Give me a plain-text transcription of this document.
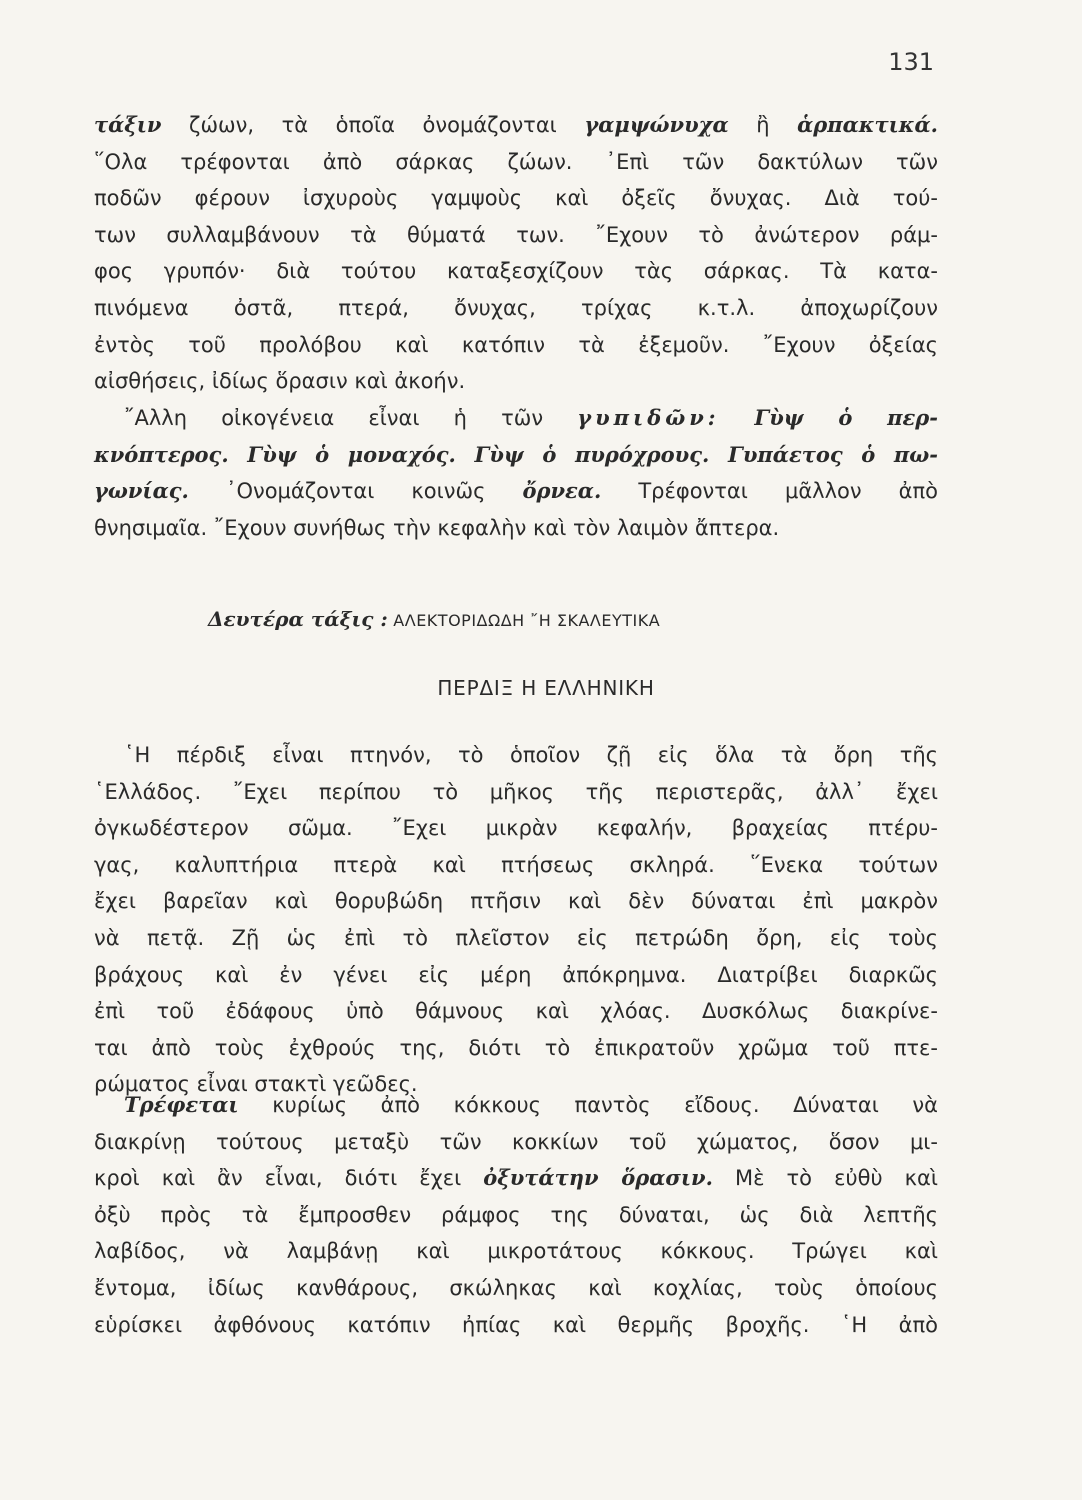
131
τάξιν ζώων, τὰ ὁποῖα ὀνομάζονται γαμψώνυχα ἢ ἁρπακτικά.
῞Ολα τρέφονται ἀπὸ σάρκας ζώων. ᾿Επὶ τῶν δακτύλων τῶν
ποδῶν φέρουν ἰσχυροὺς γαμψοὺς καὶ ὀξεῖς ὄνυχας. Διὰ τού-
των συλλαμβάνουν τὰ θύματά των. ῎Εχουν τὸ ἀνώτερον ράμ-
φος γρυπόν· διὰ τούτου καταξεσχίζουν τὰς σάρκας. Τὰ κατα-
πινόμενα ὀστᾶ, πτερά, ὄνυχας, τρίχας κ.τ.λ. ἀποχωρίζουν
ἐντὸς τοῦ προλόβου καὶ κατόπιν τὰ ἐξεμοῦν. ῎Εχουν ὀξείας
αἰσθήσεις, ἰδίως ὅρασιν καὶ ἀκοήν.
῎Αλλη οἰκογένεια εἶναι ἡ τῶν γυπιδῶν: Γὺψ ὁ περ-
κνόπτερος. Γὺψ ὁ μοναχός. Γὺψ ὁ πυρόχρους. Γυπάετος ὁ πω-
γωνίας. ᾿Ονομάζονται κοινῶς ὄρνεα. Τρέφονται μᾶλλον ἀπὸ
θνησιμαῖα. ῎Εχουν συνήθως τὴν κεφαλὴν καὶ τὸν λαιμὸν ἄπτερα.
Δευτέρα τάξις : ΑΛΕΚΤΟΡΙΔΩΔΗ ῎Η ΣΚΑΛΕΥΤΙΚΑ
ΠΕΡΔΙΞ Η ΕΛΛΗΝΙΚΗ
῾Η πέρδιξ εἶναι πτηνόν, τὸ ὁποῖον ζῇ εἰς ὅλα τὰ ὄρη τῆς
῾Ελλάδος. ῎Εχει περίπου τὸ μῆκος τῆς περιστερᾶς, ἀλλ᾿ ἔχει
ὀγκωδέστερον σῶμα. ῎Εχει μικρὰν κεφαλήν, βραχείας πτέρυ-
γας, καλυπτήρια πτερὰ καὶ πτήσεως σκληρά. ῞Ενεκα τούτων
ἔχει βαρεῖαν καὶ θορυβώδη πτῆσιν καὶ δὲν δύναται ἐπὶ μακρὸν
νὰ πετᾷ. Ζῇ ὡς ἐπὶ τὸ πλεῖστον εἰς πετρώδη ὄρη, εἰς τοὺς
βράχους καὶ ἐν γένει εἰς μέρη ἀπόκρημνα. Διατρίβει διαρκῶς
ἐπὶ τοῦ ἐδάφους ὑπὸ θάμνους καὶ χλόας. Δυσκόλως διακρίνε-
ται ἀπὸ τοὺς ἐχθρούς της, διότι τὸ ἐπικρατοῦν χρῶμα τοῦ πτε-
ρώματος εἶναι στακτὶ γεῶδες.
Τρέφεται κυρίως ἀπὸ κόκκους παντὸς εἴδους. Δύναται νὰ
διακρίνῃ τούτους μεταξὺ τῶν κοκκίων τοῦ χώματος, ὅσον μι-
κροὶ καὶ ἂν εἶναι, διότι ἔχει ὀξυτάτην ὅρασιν. Μὲ τὸ εὐθὺ καὶ
ὀξὺ πρὸς τὰ ἔμπροσθεν ράμφος της δύναται, ὡς διὰ λεπτῆς
λαβίδος, νὰ λαμβάνῃ καὶ μικροτάτους κόκκους. Τρώγει καὶ
ἔντομα, ἰδίως κανθάρους, σκώληκας καὶ κοχλίας, τοὺς ὁποίους
εὑρίσκει ἀφθόνους κατόπιν ἠπίας καὶ θερμῆς βροχῆς. ῾Η ἀπὸ
